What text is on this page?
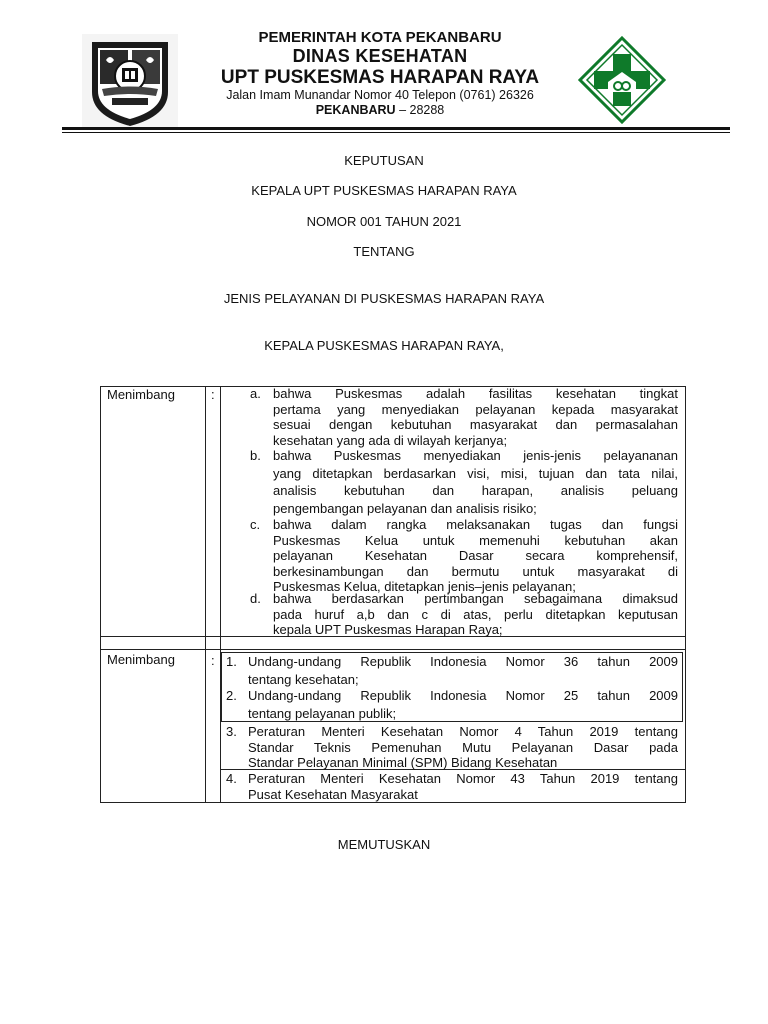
PEMERINTAH KOTA PEKANBARU
DINAS KESEHATAN
UPT PUSKESMAS HARAPAN RAYA
Jalan Imam Munandar Nomor 40 Telepon (0761) 26326
PEKANBARU – 28288
KEPUTUSAN
KEPALA UPT PUSKESMAS HARAPAN RAYA
NOMOR 001 TAHUN 2021
TENTANG
JENIS PELAYANAN DI PUSKESMAS HARAPAN RAYA
KEPALA PUSKESMAS HARAPAN RAYA,
Menimbang	:	a. bahwa Puskesmas adalah fasilitas kesehatan tingkat
pertama yang menyediakan pelayanan kepada masyarakat
sesuai dengan kebutuhan masyarakat dan permasalahan
kesehatan yang ada di wilayah kerjanya;
b. bahwa Puskesmas menyediakan jenis-jenis pelayananan
yang ditetapkan berdasarkan visi, misi, tujuan dan tata nilai,
analisis kebutuhan dan harapan, analisis peluang
pengembangan pelayanan dan analisis risiko;
c. bahwa dalam rangka melaksanakan tugas dan fungsi
Puskesmas Kelua untuk memenuhi kebutuhan akan
pelayanan Kesehatan Dasar secara komprehensif,
berkesinambungan dan bermutu untuk masyarakat di
Puskesmas Kelua, ditetapkan jenis–jenis pelayanan;
d. bahwa berdasarkan pertimbangan sebagaimana dimaksud
pada huruf a,b dan c di atas, perlu ditetapkan keputusan
kepala UPT Puskesmas Harapan Raya;
Menimbang	: 1. Undang-undang Republik Indonesia Nomor 36 tahun 2009
tentang kesehatan;
2. Undang-undang Republik Indonesia Nomor 25 tahun 2009
tentang pelayanan publik;
3. Peraturan Menteri Kesehatan Nomor 4 Tahun 2019 tentang
Standar Teknis Pemenuhan Mutu Pelayanan Dasar pada
Standar Pelayanan Minimal (SPM) Bidang Kesehatan
4. Peraturan Menteri Kesehatan Nomor 43 Tahun 2019 tentang
Pusat Kesehatan Masyarakat
MEMUTUSKAN
